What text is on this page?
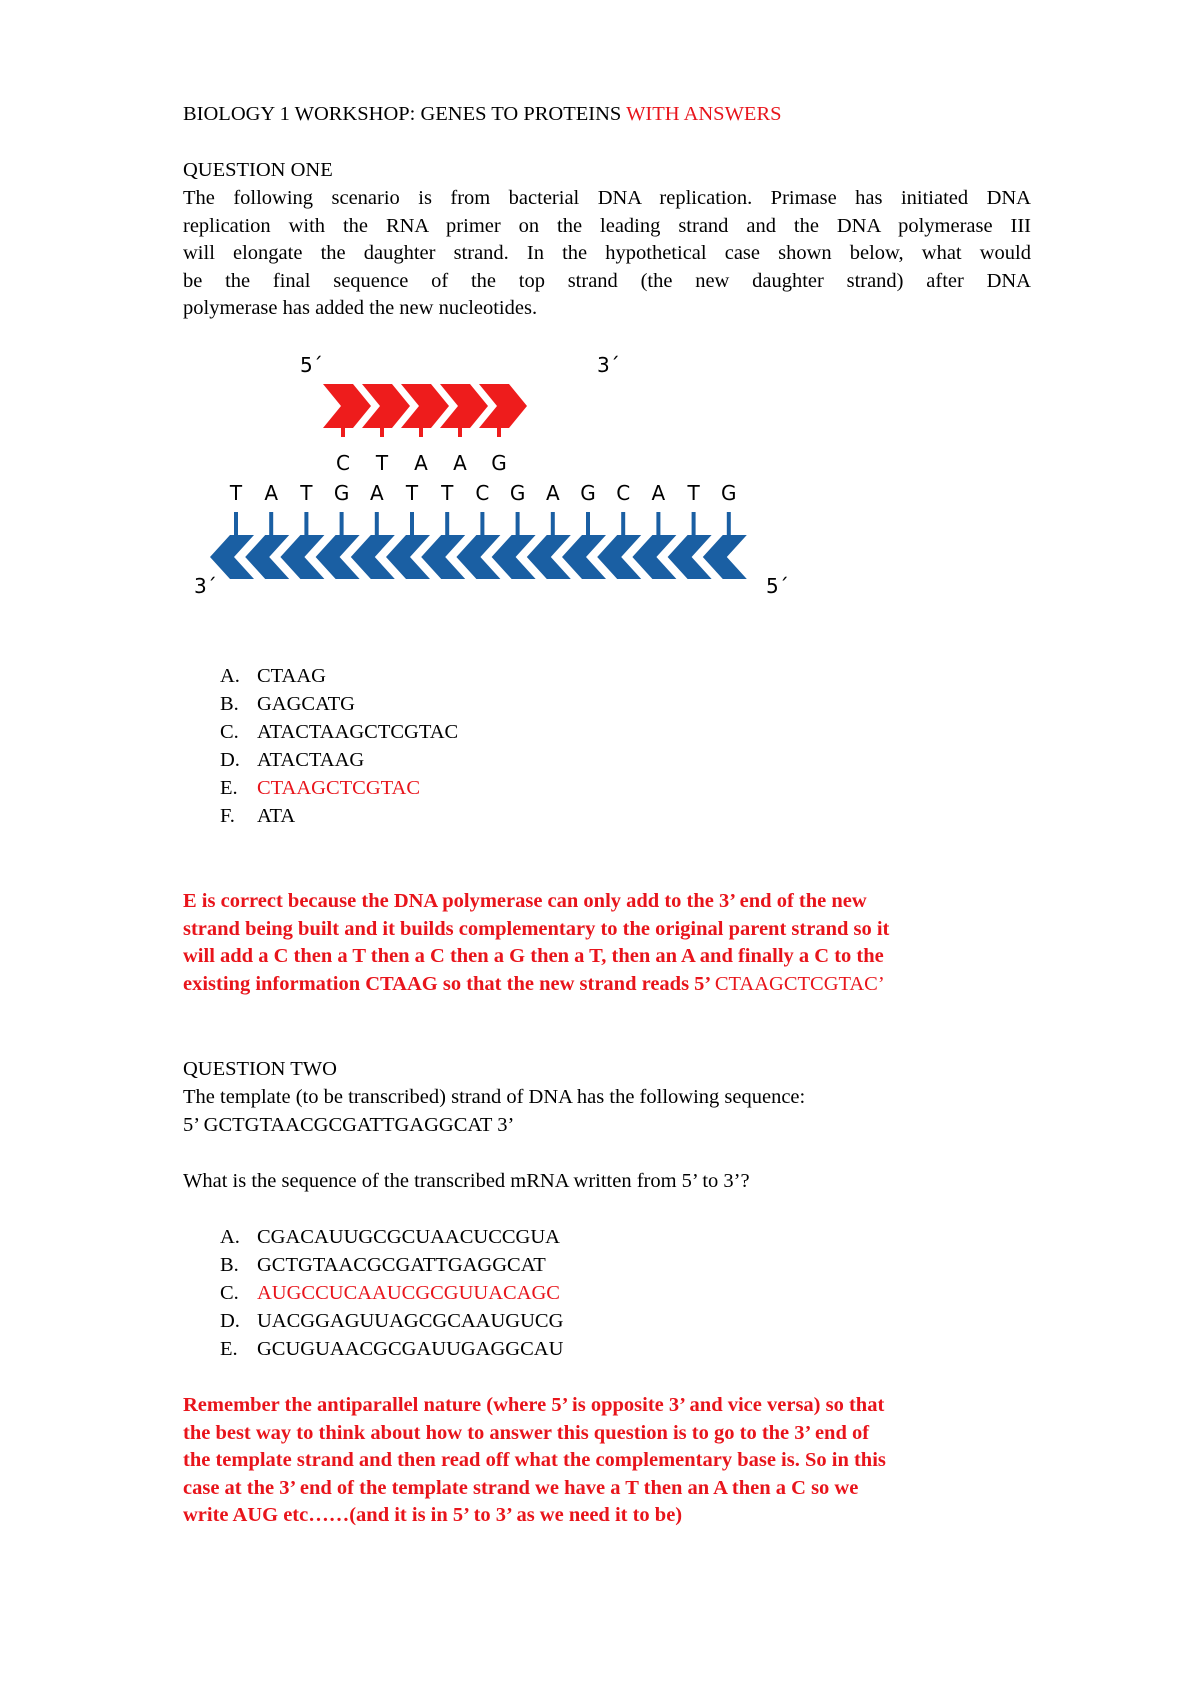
BIOLOGY 1 WORKSHOP: GENES TO PROTEINS WITH ANSWERS
QUESTION ONE
The following scenario is from bacterial DNA replication. Primase has initiated DNA
replication with the RNA primer on the leading strand and the DNA polymerase III
will elongate the daughter strand. In the hypothetical case shown below, what would
be the final sequence of the top strand (the new daughter strand) after DNA
polymerase has added the new nucleotides.
C T A A G
T A T G A T T C G A G C A T G
5´	3´
3´	5´
A. CTAAG
B. GAGCATG
C. ATACTAAGCTCGTAC
D. ATACTAAG
E. CTAAGCTCGTAC
F. ATA
E is correct because the DNA polymerase can only add to the 3’ end of the new
strand being built and it builds complementary to the original parent strand so it
will add a C then a T then a C then a G then a T, then an A and finally a C to the
existing information CTAAG so that the new strand reads 5’ CTAAGCTCGTAC’
QUESTION TWO
The template (to be transcribed) strand of DNA has the following sequence:
5’ GCTGTAACGCGATTGAGGCAT 3’
What is the sequence of the transcribed mRNA written from 5’ to 3’?
A. CGACAUUGCGCUAACUCCGUA
B. GCTGTAACGCGATTGAGGCAT
C. AUGCCUCAAUCGCGUUACAGC
D. UACGGAGUUAGCGCAAUGUCG
E. GCUGUAACGCGAUUGAGGCAU
Remember the antiparallel nature (where 5’ is opposite 3’ and vice versa) so that
the best way to think about how to answer this question is to go to the 3’ end of
the template strand and then read off what the complementary base is. So in this
case at the 3’ end of the template strand we have a T then an A then a C so we
write AUG etc……(and it is in 5’ to 3’ as we need it to be)
